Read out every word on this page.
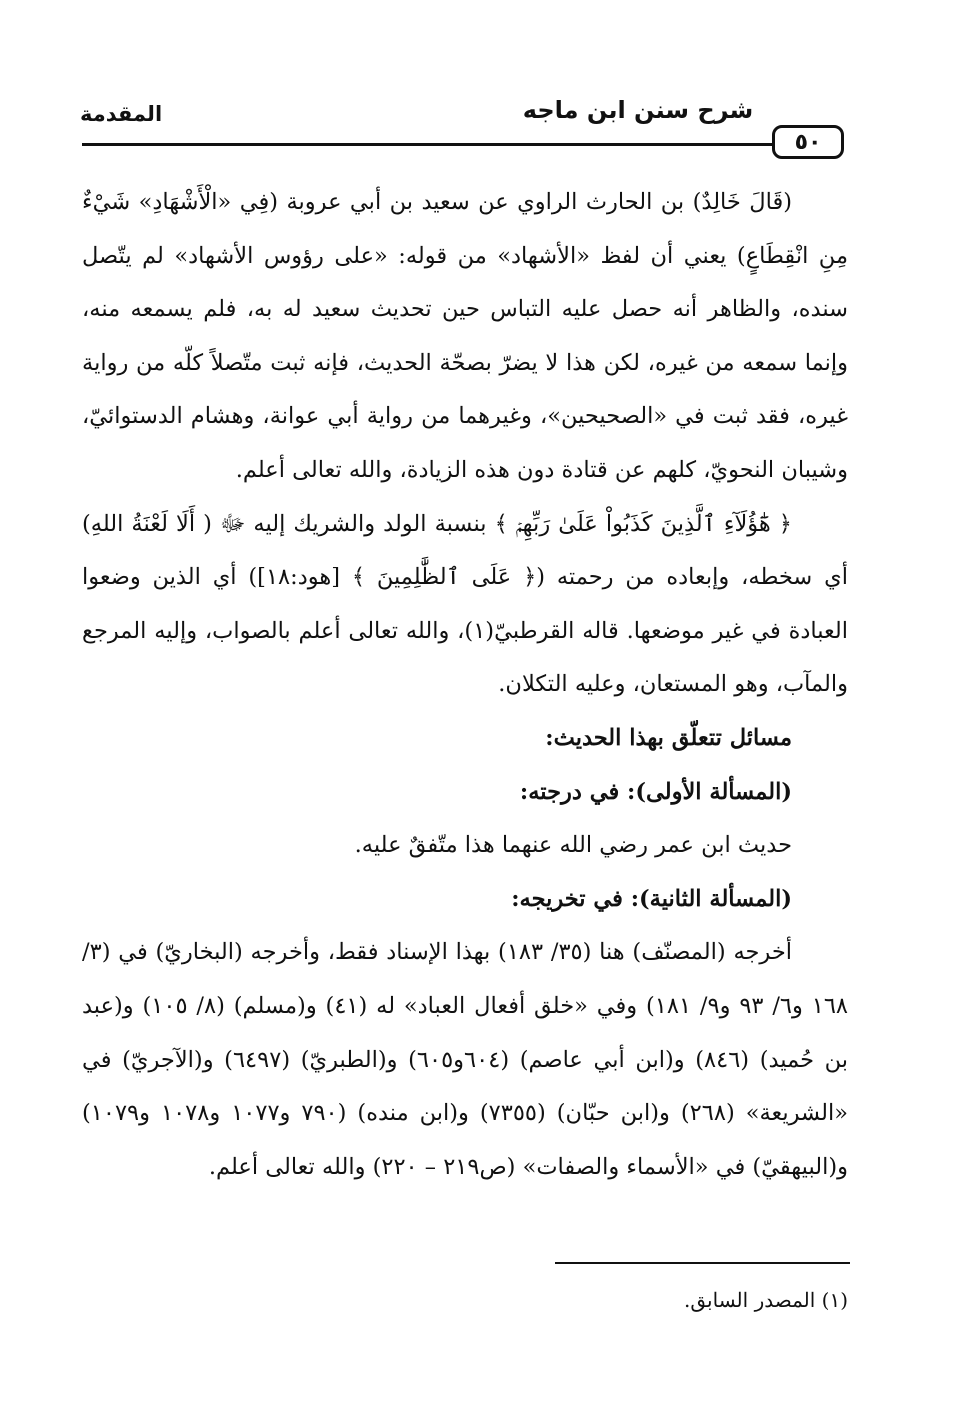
٥٠
شرح سنن ابن ماجه
المقدمة

(قَالَ خَالِدٌ) بن الحارث الراوي عن سعيد بن أبي عروبة (فِي «الْأَشْهَادِ» شَيْءٌ مِنِ انْقِطَاعٍ) يعني أن لفظ «الأشهاد» من قوله: «على رؤوس الأشهاد» لم يتّصل سنده، والظاهر أنه حصل عليه التباس حين تحديث سعيد له به، فلم يسمعه منه، وإنما سمعه من غيره، لكن هذا لا يضرّ بصحّة الحديث، فإنه ثبت متّصلاً كلّه من رواية غيره، فقد ثبت في «الصحيحين»، وغيرهما من رواية أبي عوانة، وهشام الدستوائيّ، وشيبان النحويّ، كلهم عن قتادة دون هذه الزيادة، والله تعالى أعلم.

﴿ هَٰٓؤُلَآءِ ٱلَّذِينَ كَذَبُواْ عَلَىٰ رَبِّهِمۡ ﴾ بنسبة الولد والشريك إليه ﷻ ( أَلَا لَعْنَةُ اللهِ) أي سخطه، وإبعاده من رحمته (﴿ عَلَى ٱلظَّٰلِمِينَ ﴾ [هود:١٨]) أي الذين وضعوا العبادة في غير موضعها. قاله القرطبيّ(١)، والله تعالى أعلم بالصواب، وإليه المرجع والمآب، وهو المستعان، وعليه التكلان.

مسائل تتعلّق بهذا الحديث:

(المسألة الأولى): في درجته:

حديث ابن عمر رضي الله عنهما هذا متّفقٌ عليه.

(المسألة الثانية): في تخريجه:

أخرجه (المصنّف) هنا (٣٥/ ١٨٣) بهذا الإسناد فقط، وأخرجه (البخاريّ) في (٣/ ١٦٨ و٦/ ٩٣ و٩/ ١٨١) وفي «خلق أفعال العباد» له (٤١) و(مسلم) (٨/ ١٠٥) و(عبد بن حُميد) (٨٤٦) و(ابن أبي عاصم) (٦٠٤و٦٠٥) و(الطبريّ) (٦٤٩٧) و(الآجريّ) في «الشريعة» (٢٦٨) و(ابن حبّان) (٧٣٥٥) و(ابن منده) (٧٩٠ و١٠٧٧ و١٠٧٨ و١٠٧٩) و(البيهقيّ) في «الأسماء والصفات» (ص٢١٩ – ٢٢٠) والله تعالى أعلم.

(١) المصدر السابق.
